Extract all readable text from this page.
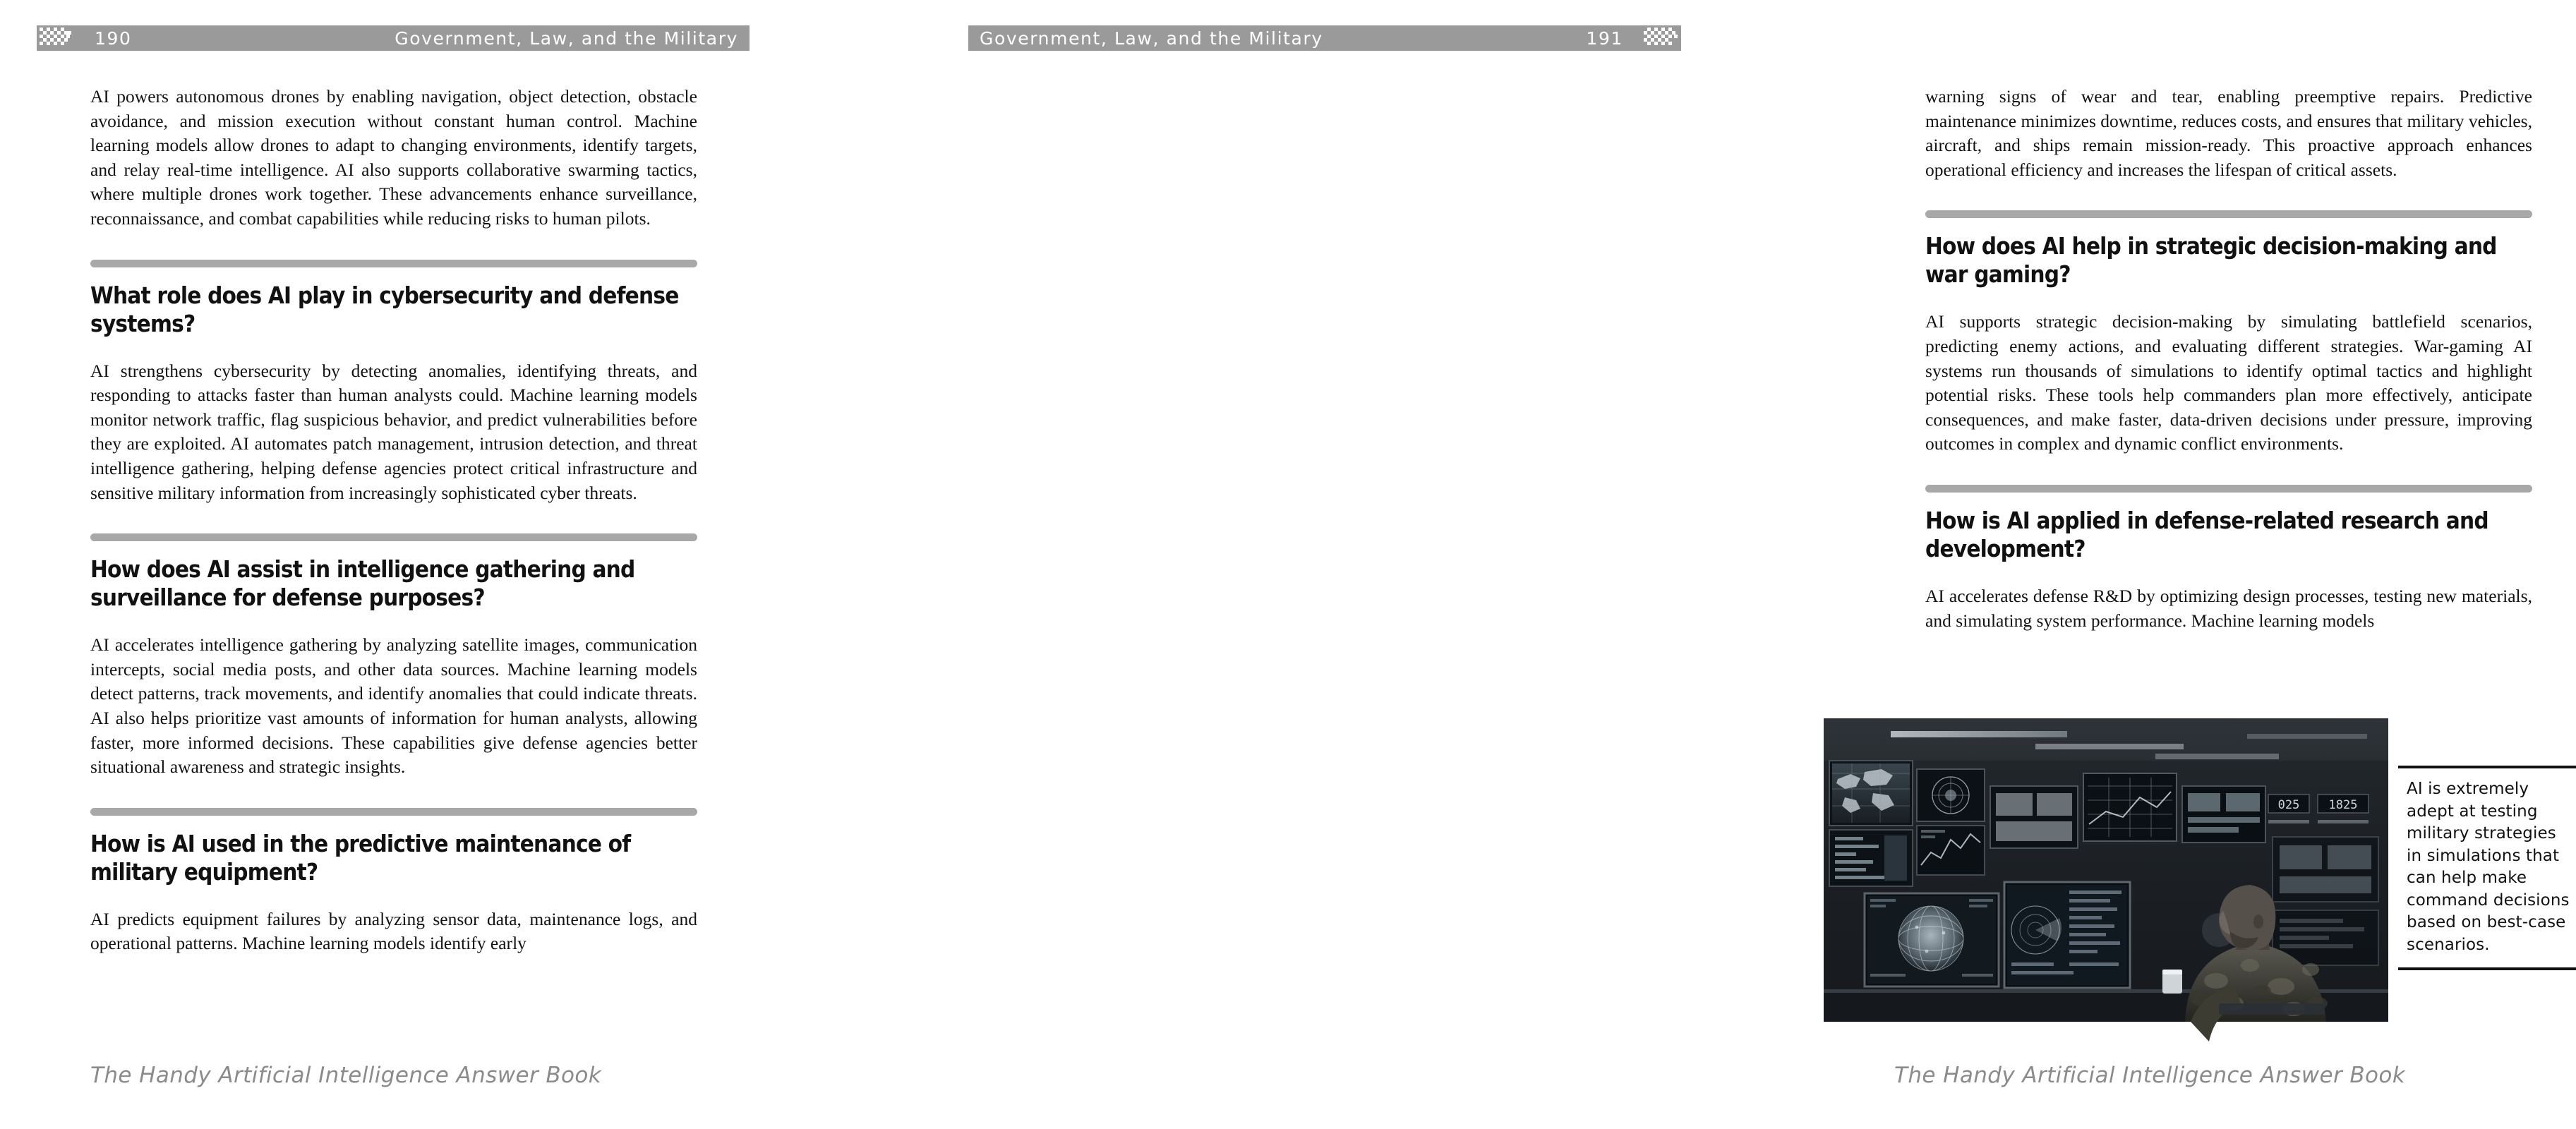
190	Government, Law, and the Military

AI powers autonomous drones by enabling navigation, object detection, obstacle avoidance, and mission execution without constant human control. Machine learning models allow drones to adapt to changing environments, identify targets, and relay real-time intelligence. AI also supports collaborative swarming tactics, where multiple drones work together. These advancements enhance surveillance, reconnaissance, and combat capabilities while reducing risks to human pilots.

What role does AI play in cybersecurity and defense systems?

AI strengthens cybersecurity by detecting anomalies, identifying threats, and responding to attacks faster than human analysts could. Machine learning models monitor network traffic, flag suspicious behavior, and predict vulnerabilities before they are exploited. AI automates patch management, intrusion detection, and threat intelligence gathering, helping defense agencies protect critical infrastructure and sensitive military information from increasingly sophisticated cyber threats.

How does AI assist in intelligence gathering and surveillance for defense purposes?

AI accelerates intelligence gathering by analyzing satellite images, communication intercepts, social media posts, and other data sources. Machine learning models detect patterns, track movements, and identify anomalies that could indicate threats. AI also helps prioritize vast amounts of information for human analysts, allowing faster, more informed decisions. These capabilities give defense agencies better situational awareness and strategic insights.

How is AI used in the predictive maintenance of military equipment?

AI predicts equipment failures by analyzing sensor data, maintenance logs, and operational patterns. Machine learning models identify early

The Handy Artificial Intelligence Answer Book
Government, Law, and the Military	191

warning signs of wear and tear, enabling preemptive repairs. Predictive maintenance minimizes downtime, reduces costs, and ensures that military vehicles, aircraft, and ships remain mission-ready. This proactive approach enhances operational efficiency and increases the lifespan of critical assets.

How does AI help in strategic decision-making and war gaming?

AI supports strategic decision-making by simulating battlefield scenarios, predicting enemy actions, and evaluating different strategies. War-gaming AI systems run thousands of simulations to identify optimal tactics and highlight potential risks. These tools help commanders plan more effectively, anticipate consequences, and make faster, data-driven decisions under pressure, improving outcomes in complex and dynamic conflict environments.

How is AI applied in defense-related research and development?

AI accelerates defense R&D by optimizing design processes, testing new materials, and simulating system performance. Machine learning models

025 1825
AI is extremely adept at testing military strategies in simulations that can help make command decisions based on best-case scenarios.
The Handy Artificial Intelligence Answer Book
